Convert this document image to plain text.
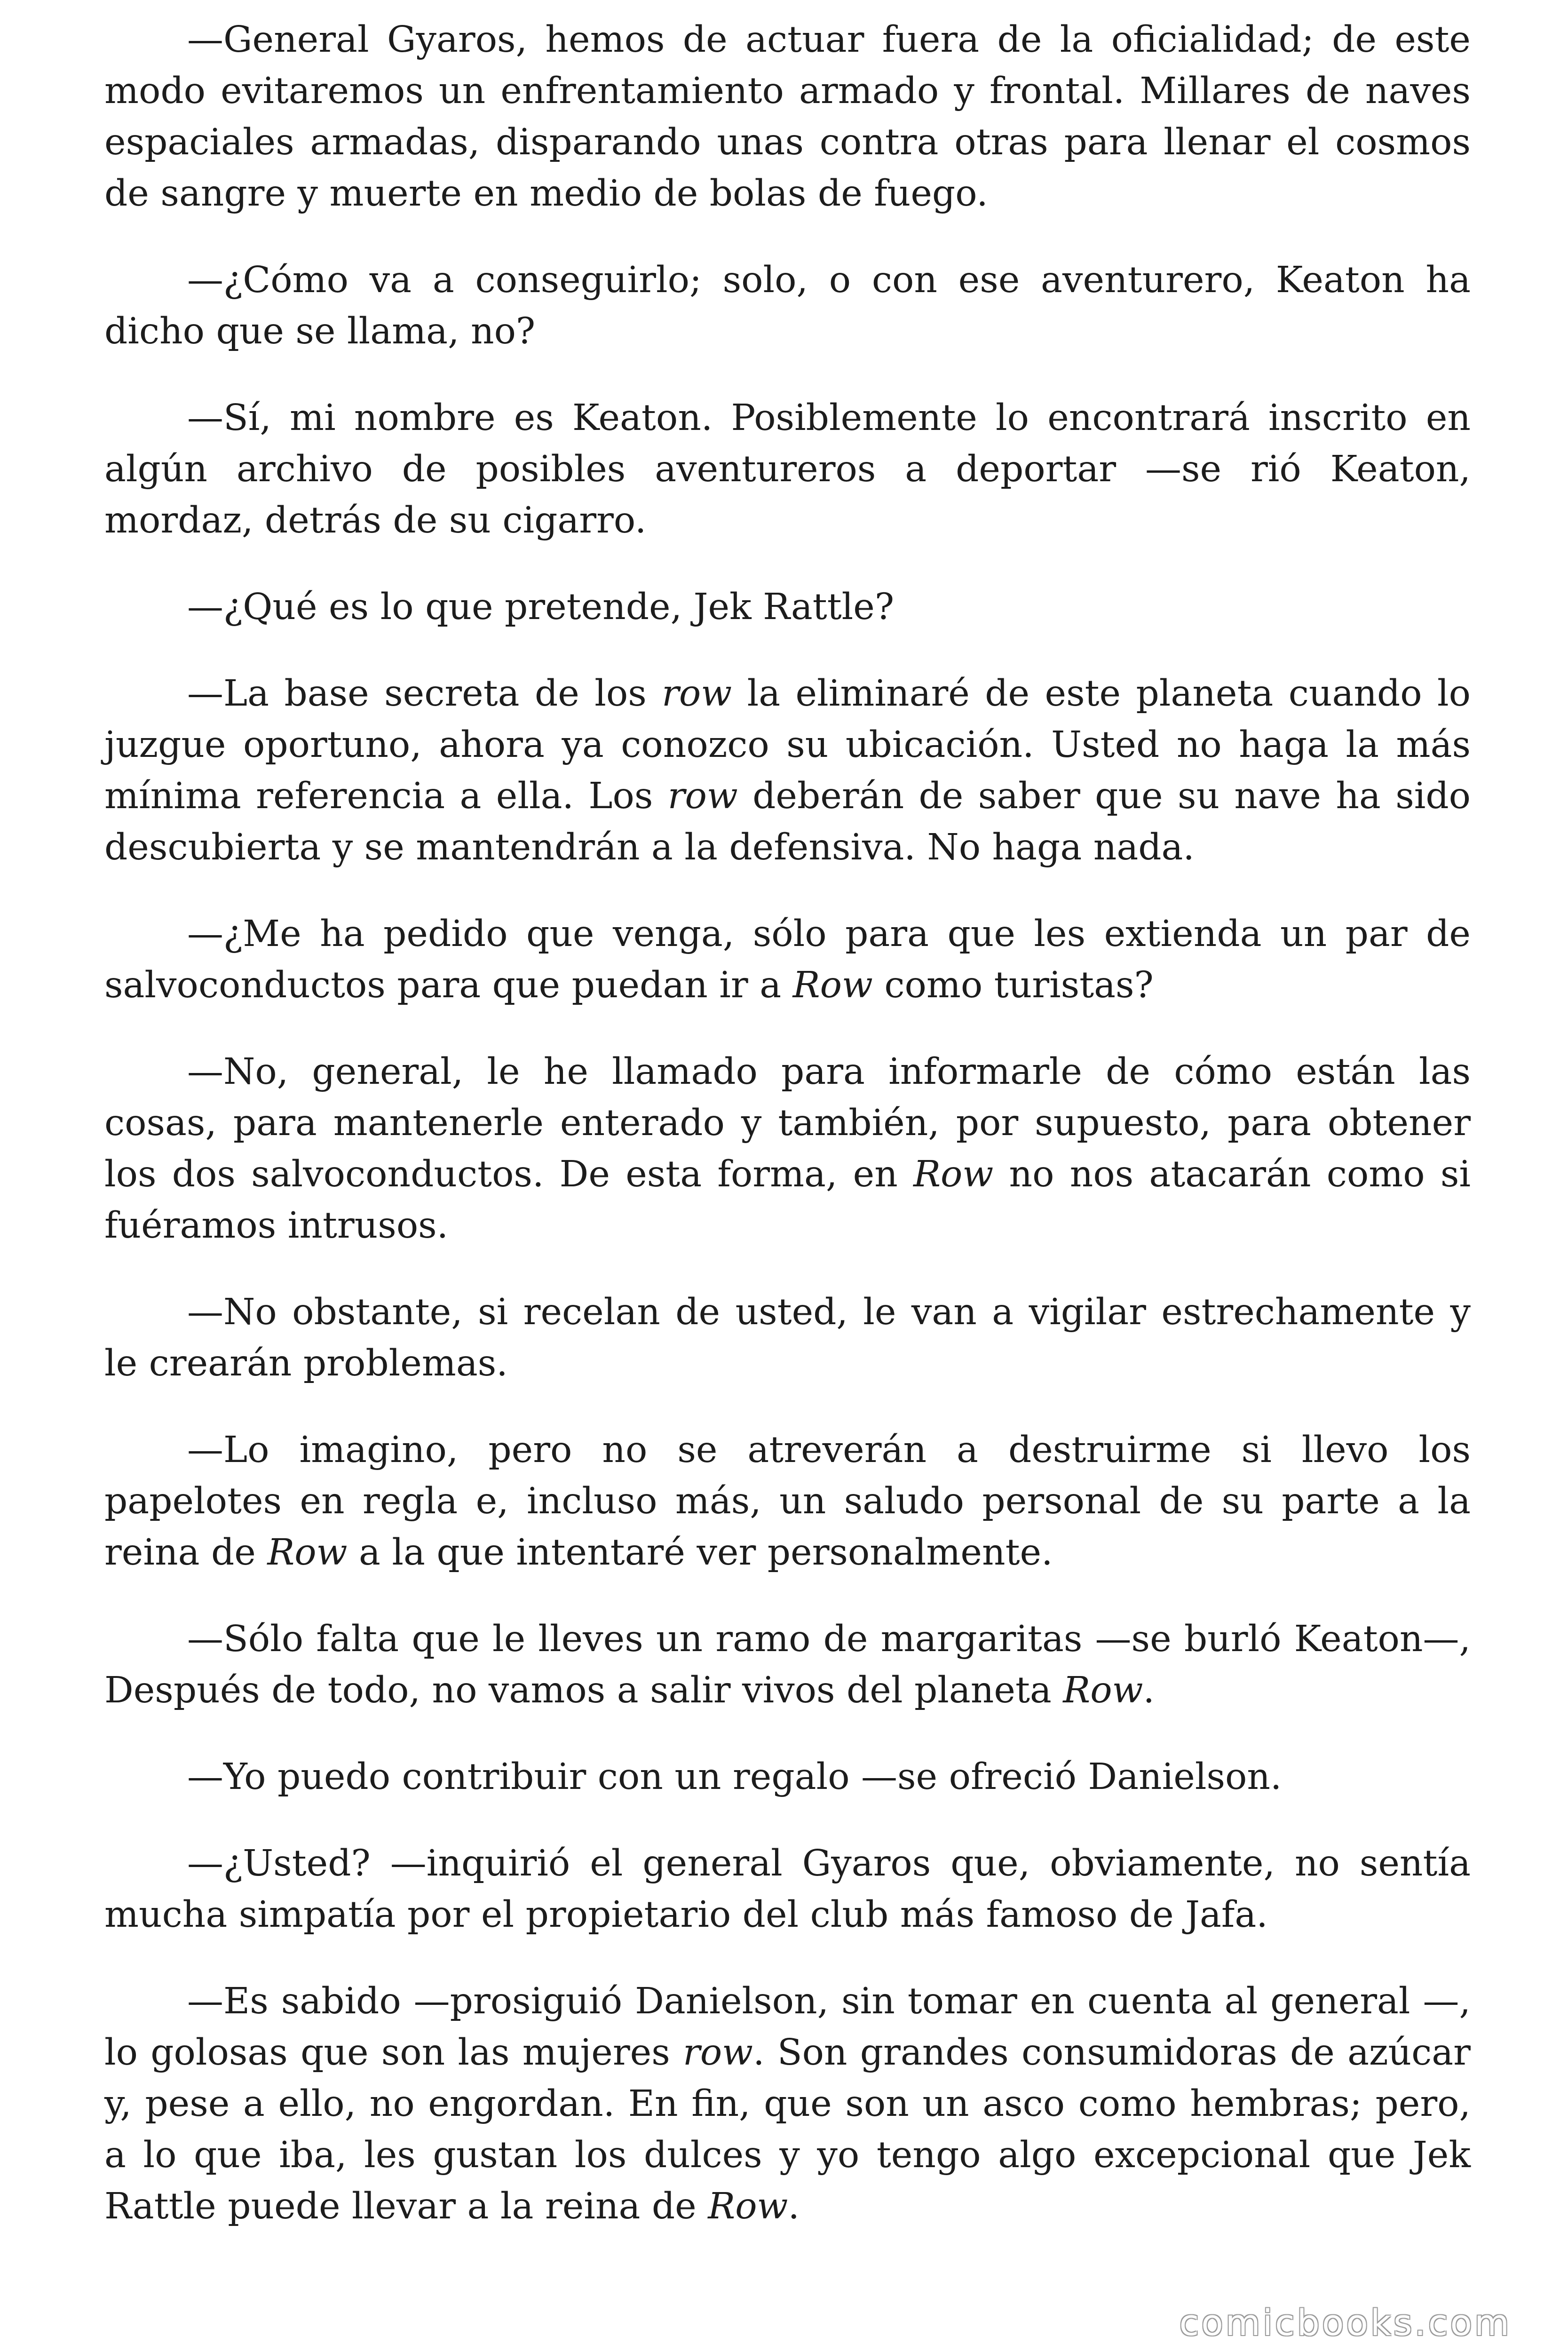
—General Gyaros, hemos de actuar fuera de la oficialidad; de este modo evitaremos un enfrentamiento armado y frontal. Millares de naves espaciales armadas, disparando unas contra otras para llenar el cosmos de sangre y muerte en medio de bolas de fuego.

—¿Cómo va a conseguirlo; solo, o con ese aventurero, Keaton ha dicho que se llama, no?

—Sí, mi nombre es Keaton. Posiblemente lo encontrará inscrito en algún archivo de posibles aventureros a deportar —se rió Keaton, mordaz, detrás de su cigarro.

—¿Qué es lo que pretende, Jek Rattle?

—La base secreta de los row la eliminaré de este planeta cuando lo juzgue oportuno, ahora ya conozco su ubicación. Usted no haga la más mínima referencia a ella. Los row deberán de saber que su nave ha sido descubierta y se mantendrán a la defensiva. No haga nada.

—¿Me ha pedido que venga, sólo para que les extienda un par de salvoconductos para que puedan ir a Row como turistas?

—No, general, le he llamado para informarle de cómo están las cosas, para mantenerle enterado y también, por supuesto, para obtener los dos salvoconductos. De esta forma, en Row no nos atacarán como si fuéramos intrusos.

—No obstante, si recelan de usted, le van a vigilar estrechamente y le crearán problemas.

—Lo imagino, pero no se atreverán a destruirme si llevo los papelotes en regla e, incluso más, un saludo personal de su parte a la reina de Row a la que intentaré ver personalmente.

—Sólo falta que le lleves un ramo de margaritas —se burló Keaton—, Después de todo, no vamos a salir vivos del planeta Row.

—Yo puedo contribuir con un regalo —se ofreció Danielson.

—¿Usted? —inquirió el general Gyaros que, obviamente, no sentía mucha simpatía por el propietario del club más famoso de Jafa.

—Es sabido —prosiguió Danielson, sin tomar en cuenta al general —, lo golosas que son las mujeres row. Son grandes consumidoras de azúcar y, pese a ello, no engordan. En fin, que son un asco como hembras; pero, a lo que iba, les gustan los dulces y yo tengo algo excepcional que Jek Rattle puede llevar a la reina de Row.

comicbooks.com
